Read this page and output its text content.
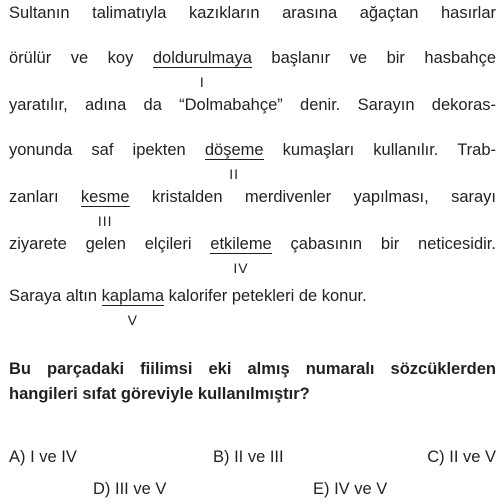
Sultanın talimatıyla kazıkların arasına ağaçtan hasırlar
örülür ve koy doldurulmaya
I
başlanır ve bir hasbahçe
yaratılır, adına da “Dolmabahçe” denir. Sarayın dekoras-
yonunda saf ipekten döşeme
II
kumaşları kullanılır. Trab-
zanları kesme
III
kristalden merdivenler yapılması, sarayı
ziyarete gelen elçileri etkileme
IV
çabasının bir neticesidir.
Saraya altın kaplama
V
kalorifer petekleri de konur.
Bu parçadaki fiilimsi eki almış numaralı sözcüklerden
hangileri sıfat göreviyle kullanılmıştır?
A) I ve IV	B) II ve III	C) II ve V
D) III ve V	E) IV ve V
